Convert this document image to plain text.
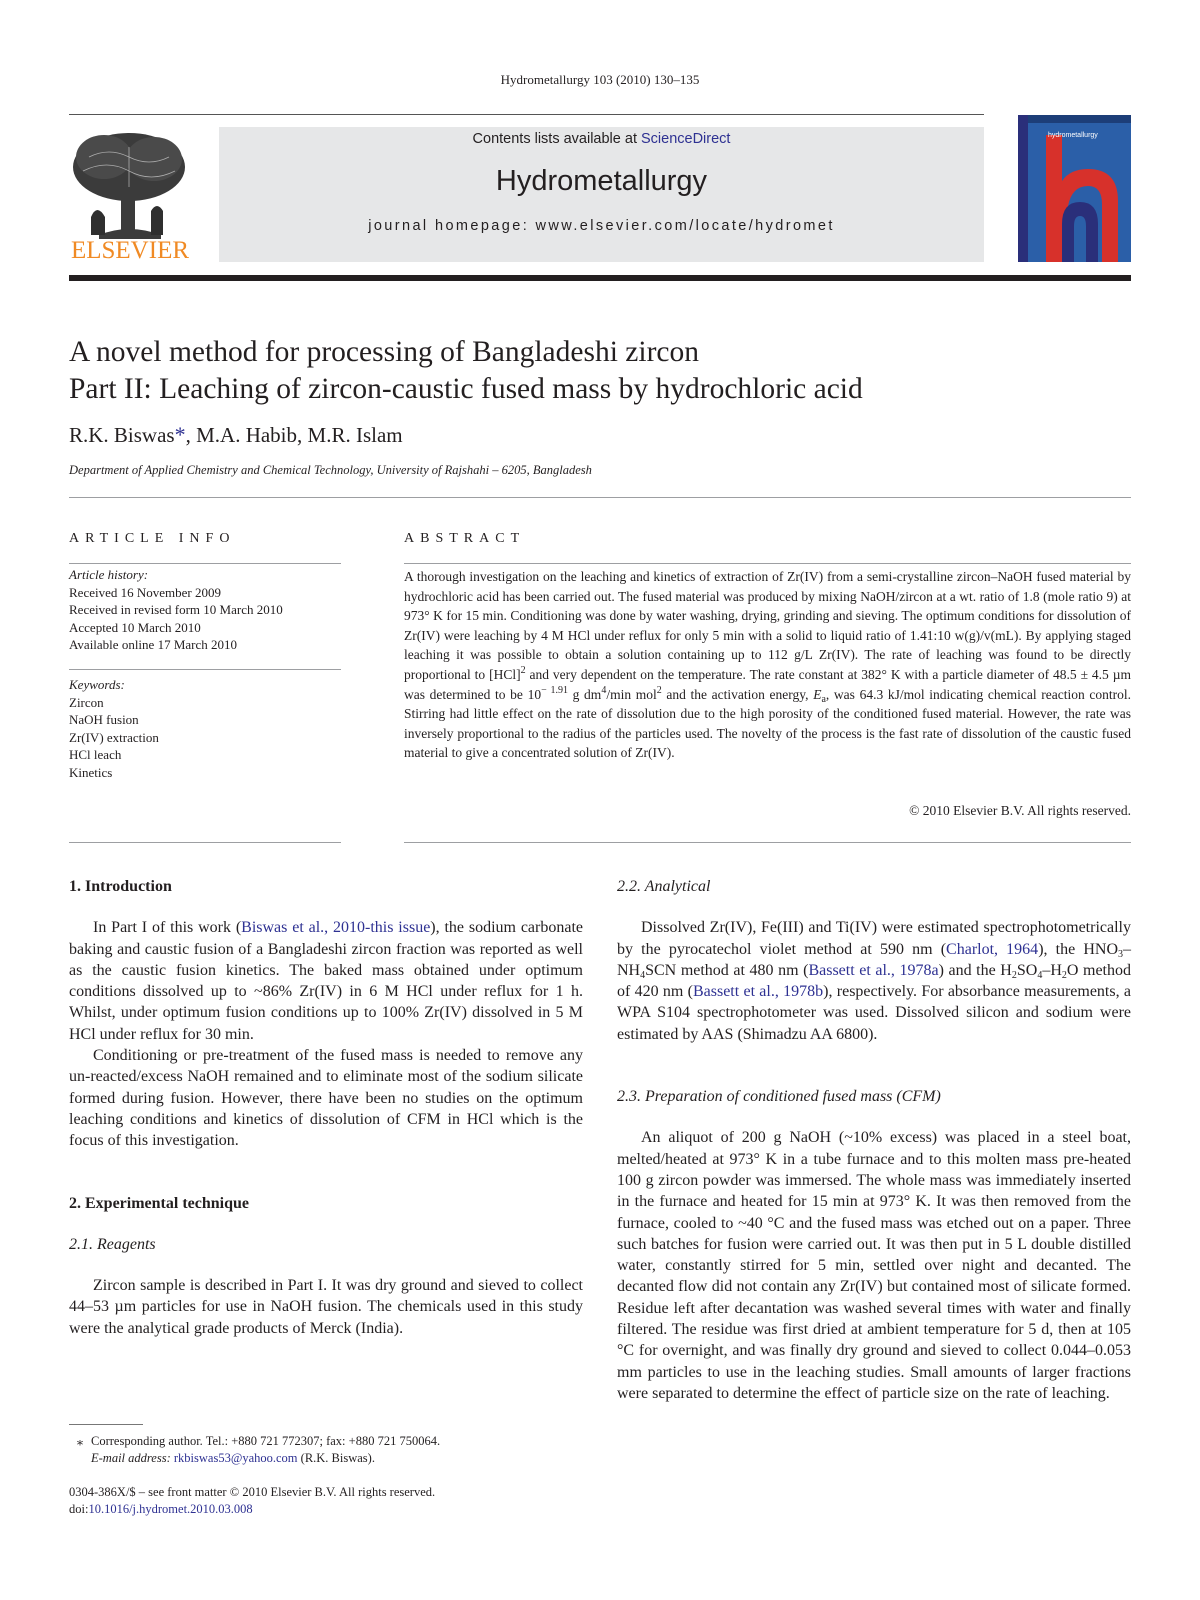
Hydrometallurgy 103 (2010) 130–135
ELSEVIER
Contents lists available at ScienceDirect
Hydrometallurgy
journal homepage: www.elsevier.com/locate/hydromet
hydrometallurgy
A novel method for processing of Bangladeshi zircon
Part II: Leaching of zircon-caustic fused mass by hydrochloric acid
R.K. Biswas*, M.A. Habib, M.R. Islam
Department of Applied Chemistry and Chemical Technology, University of Rajshahi – 6205, Bangladesh
ARTICLE INFO	ABSTRACT
Article history:
Received 16 November 2009
Received in revised form 10 March 2010
Accepted 10 March 2010
Available online 17 March 2010
Keywords:
Zircon
NaOH fusion
Zr(IV) extraction
HCl leach
Kinetics
A thorough investigation on the leaching and kinetics of extraction of Zr(IV) from a semi-crystalline zircon–NaOH fused material by hydrochloric acid has been carried out. The fused material was produced by mixing NaOH/zircon at a wt. ratio of 1.8 (mole ratio 9) at 973° K for 15 min. Conditioning was done by water washing, drying, grinding and sieving. The optimum conditions for dissolution of Zr(IV) were leaching by 4 M HCl under reflux for only 5 min with a solid to liquid ratio of 1.41:10 w(g)/v(mL). By applying staged leaching it was possible to obtain a solution containing up to 112 g/L Zr(IV). The rate of leaching was found to be directly proportional to [HCl]$^2$ and very dependent on the temperature. The rate constant at 382° K with a particle diameter of 48.5 ± 4.5 µm was determined to be $10^{- 1.91}$ g $dm^4/\min$ mol$^2$ and the activation energy, $E_a$, was 64.3 kJ/mol indicating chemical reaction control. Stirring had little effect on the rate of dissolution due to the high porosity of the conditioned fused material. However, the rate was inversely proportional to the radius of the particles used. The novelty of the process is the fast rate of dissolution of the caustic fused material to give a concentrated solution of Zr(IV).
© 2010 Elsevier B.V. All rights reserved.
1. Introduction

In Part I of this work (Biswas et al., 2010-this issue), the sodium carbonate baking and caustic fusion of a Bangladeshi zircon fraction was reported as well as the caustic fusion kinetics. The baked mass obtained under optimum conditions dissolved up to ~86% Zr(IV) in 6 M HCl under reflux for 1 h. Whilst, under optimum fusion conditions up to 100% Zr(IV) dissolved in 5 M HCl under reflux for 30 min.

Conditioning or pre-treatment of the fused mass is needed to remove any un-reacted/excess NaOH remained and to eliminate most of the sodium silicate formed during fusion. However, there have been no studies on the optimum leaching conditions and kinetics of dissolution of CFM in HCl which is the focus of this investigation.

2. Experimental technique
2.1. Reagents

Zircon sample is described in Part I. It was dry ground and sieved to collect 44–53 µm particles for use in NaOH fusion. The chemicals used in this study were the analytical grade products of Merck (India).

2.2. Analytical

Dissolved Zr(IV), Fe(III) and Ti(IV) were estimated spectrophotometrically by the pyrocatechol violet method at 590 nm (Charlot, 1964), the $HNO_3-NH_4SCN$ method at 480 nm (Bassett et al., 1978a) and the $H_2SO_4-H_2O$ method of 420 nm (Bassett et al., 1978b), respectively. For absorbance measurements, a WPA S104 spectrophotometer was used. Dissolved silicon and sodium were estimated by AAS (Shimadzu AA 6800).

2.3. Preparation of conditioned fused mass (CFM)

An aliquot of 200 g NaOH (~10% excess) was placed in a steel boat, melted/heated at 973° K in a tube furnace and to this molten mass pre-heated 100 g zircon powder was immersed. The whole mass was immediately inserted in the furnace and heated for 15 min at 973° K. It was then removed from the furnace, cooled to ~40 °C and the fused mass was etched out on a paper. Three such batches for fusion were carried out. It was then put in 5 L double distilled water, constantly stirred for 5 min, settled over night and decanted. The decanted flow did not contain any Zr(IV) but contained most of silicate formed. Residue left after decantation was washed several times with water and finally filtered. The residue was first dried at ambient temperature for 5 d, then at 105 °C for overnight, and was finally dry ground and sieved to collect 0.044–0.053 mm particles to use in the leaching studies. Small amounts of larger fractions were separated to determine the effect of particle size on the rate of leaching.

⁎ Corresponding author. Tel.: +880 721 772307; fax: +880 721 750064.
E-mail address: rkbiswas53@yahoo.com (R.K. Biswas).
0304-386X/$ – see front matter © 2010 Elsevier B.V. All rights reserved.
doi:10.1016/j.hydromet.2010.03.008
